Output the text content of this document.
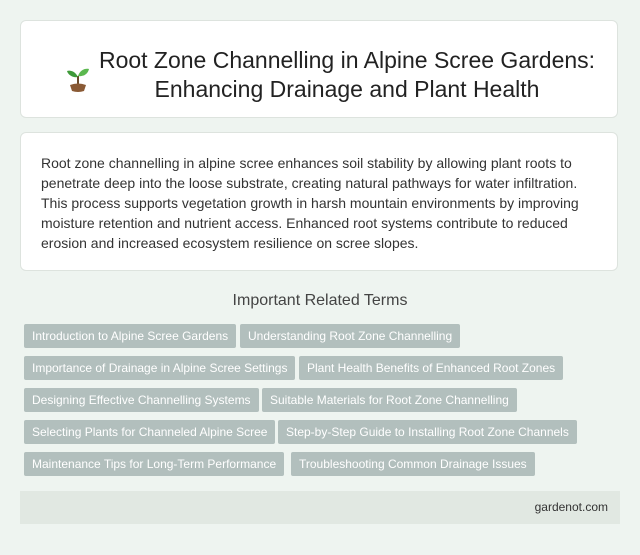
Root Zone Channelling in Alpine Scree Gardens: Enhancing Drainage and Plant Health

Root zone channelling in alpine scree enhances soil stability by allowing plant roots to penetrate deep into the loose substrate, creating natural pathways for water infiltration. This process supports vegetation growth in harsh mountain environments by improving moisture retention and nutrient access. Enhanced root systems contribute to reduced erosion and increased ecosystem resilience on scree slopes.

Important Related Terms
Introduction to Alpine Scree Gardens	Understanding Root Zone Channelling
Importance of Drainage in Alpine Scree Settings	Plant Health Benefits of Enhanced Root Zones
Designing Effective Channelling Systems	Suitable Materials for Root Zone Channelling
Selecting Plants for Channeled Alpine Scree	Step-by-Step Guide to Installing Root Zone Channels
Maintenance Tips for Long-Term Performance	Troubleshooting Common Drainage Issues
gardenot.com
